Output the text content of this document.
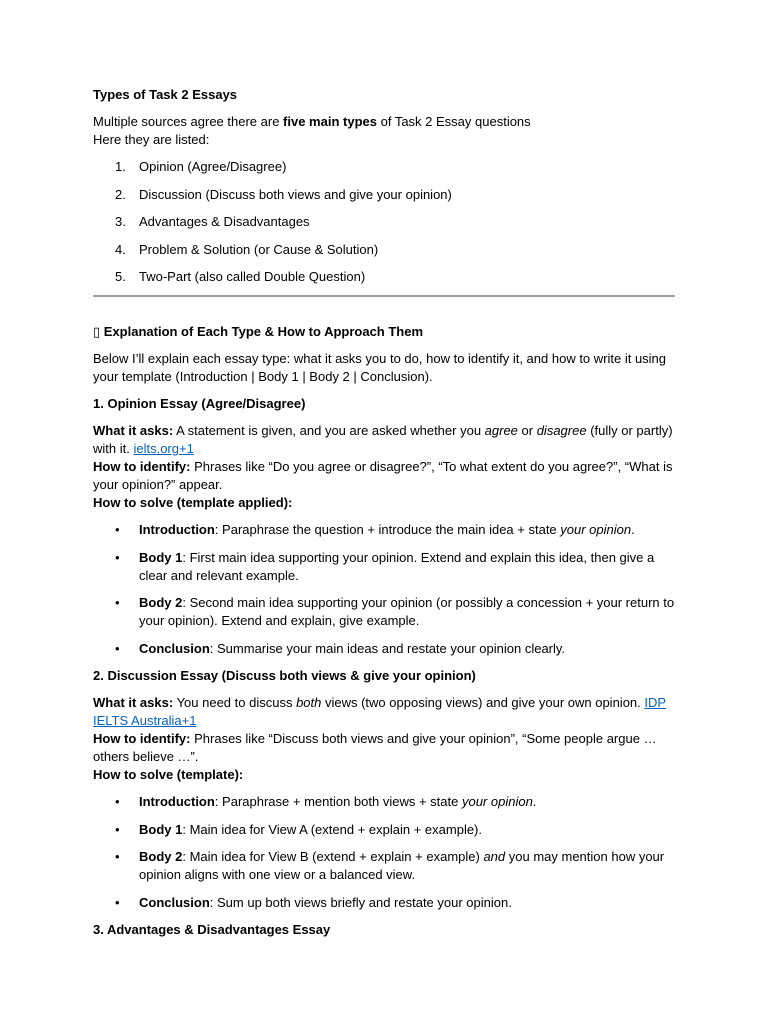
Types of Task 2 Essays

Multiple sources agree there are five main types of Task 2 Essay questions

Here they are listed:

1. Opinion (Agree/Disagree)
2. Discussion (Discuss both views and give your opinion)
3. Advantages & Disadvantages
4. Problem & Solution (or Cause & Solution)
5. Two-Part (also called Double Question)

▯ Explanation of Each Type & How to Approach Them

Below I’ll explain each essay type: what it asks you to do, how to identify it, and how to write it using your template (Introduction | Body 1 | Body 2 | Conclusion).

1. Opinion Essay (Agree/Disagree)

What it asks: A statement is given, and you are asked whether you agree or disagree (fully or partly) with it. ielts.org+1

How to identify: Phrases like “Do you agree or disagree?”, “To what extent do you agree?”, “What is your opinion?” appear.

How to solve (template applied):

• Introduction: Paraphrase the question + introduce the main idea + state your opinion.
• Body 1: First main idea supporting your opinion. Extend and explain this idea, then give a clear and relevant example.
• Body 2: Second main idea supporting your opinion (or possibly a concession + your return to your opinion). Extend and explain, give example.
• Conclusion: Summarise your main ideas and restate your opinion clearly.

2. Discussion Essay (Discuss both views & give your opinion)

What it asks: You need to discuss both views (two opposing views) and give your own opinion. IDP IELTS Australia+1

How to identify: Phrases like “Discuss both views and give your opinion”, “Some people argue … others believe …”.

How to solve (template):

• Introduction: Paraphrase + mention both views + state your opinion.
• Body 1: Main idea for View A (extend + explain + example).
• Body 2: Main idea for View B (extend + explain + example) and you may mention how your opinion aligns with one view or a balanced view.
• Conclusion: Sum up both views briefly and restate your opinion.

3. Advantages & Disadvantages Essay
